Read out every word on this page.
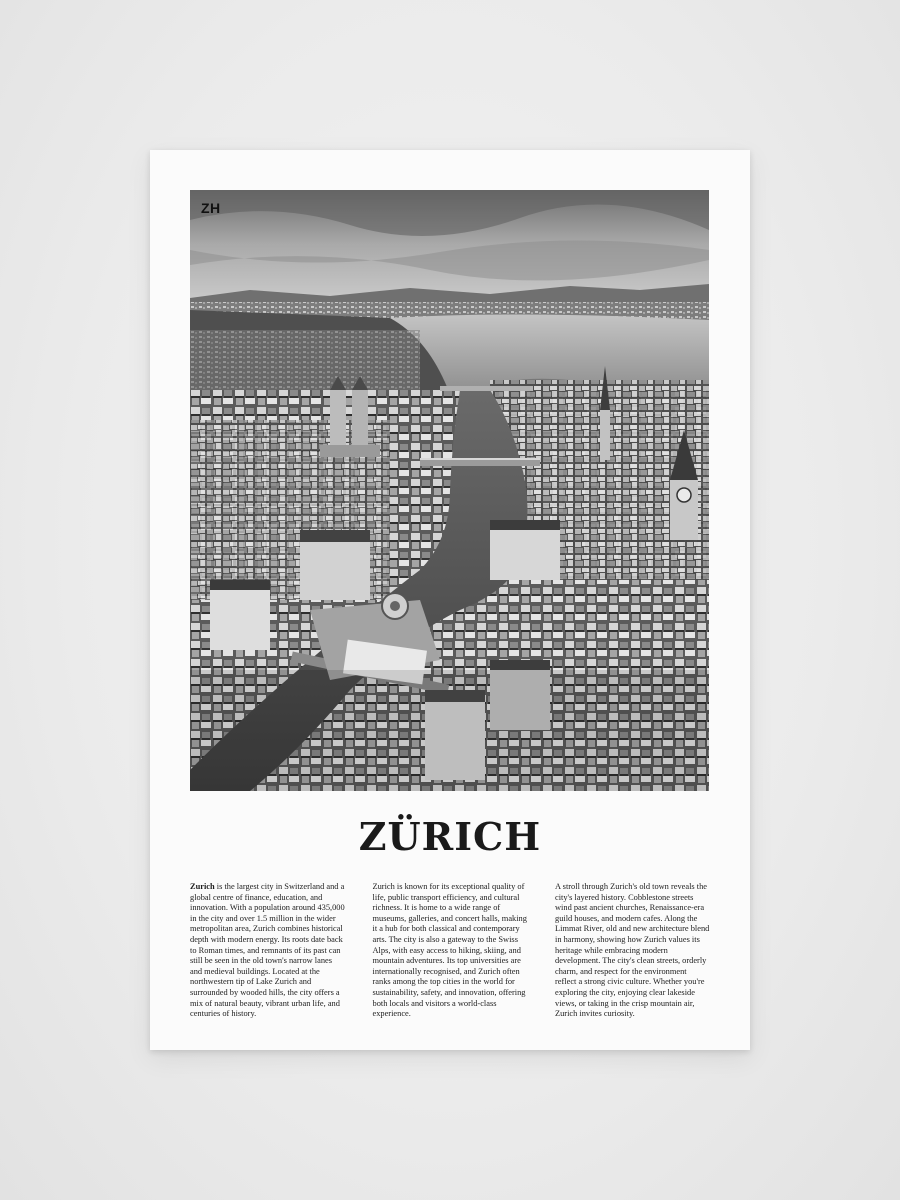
ZH
ZÜRICH
Zurich is the largest city in Switzerland and a global centre of finance, education, and innovation. With a population around 435,000 in the city and over 1.5 million in the wider metropolitan area, Zurich combines historical depth with modern energy. Its roots date back to Roman times, and remnants of its past can still be seen in the old town's narrow lanes and medieval buildings. Located at the northwestern tip of Lake Zurich and surrounded by wooded hills, the city offers a mix of natural beauty, vibrant urban life, and centuries of history.
Zurich is known for its exceptional quality of life, public transport efficiency, and cultural richness. It is home to a wide range of museums, galleries, and concert halls, making it a hub for both classical and contemporary arts. The city is also a gateway to the Swiss Alps, with easy access to hiking, skiing, and mountain adventures. Its top universities are internationally recognised, and Zurich often ranks among the top cities in the world for sustainability, safety, and innovation, offering both locals and visitors a world-class experience.
A stroll through Zurich's old town reveals the city's layered history. Cobblestone streets wind past ancient churches, Renaissance-era guild houses, and modern cafes. Along the Limmat River, old and new architecture blend in harmony, showing how Zurich values its heritage while embracing modern development. The city's clean streets, orderly charm, and respect for the environment reflect a strong civic culture. Whether you're exploring the city, enjoying clear lakeside views, or taking in the crisp mountain air, Zurich invites curiosity.
